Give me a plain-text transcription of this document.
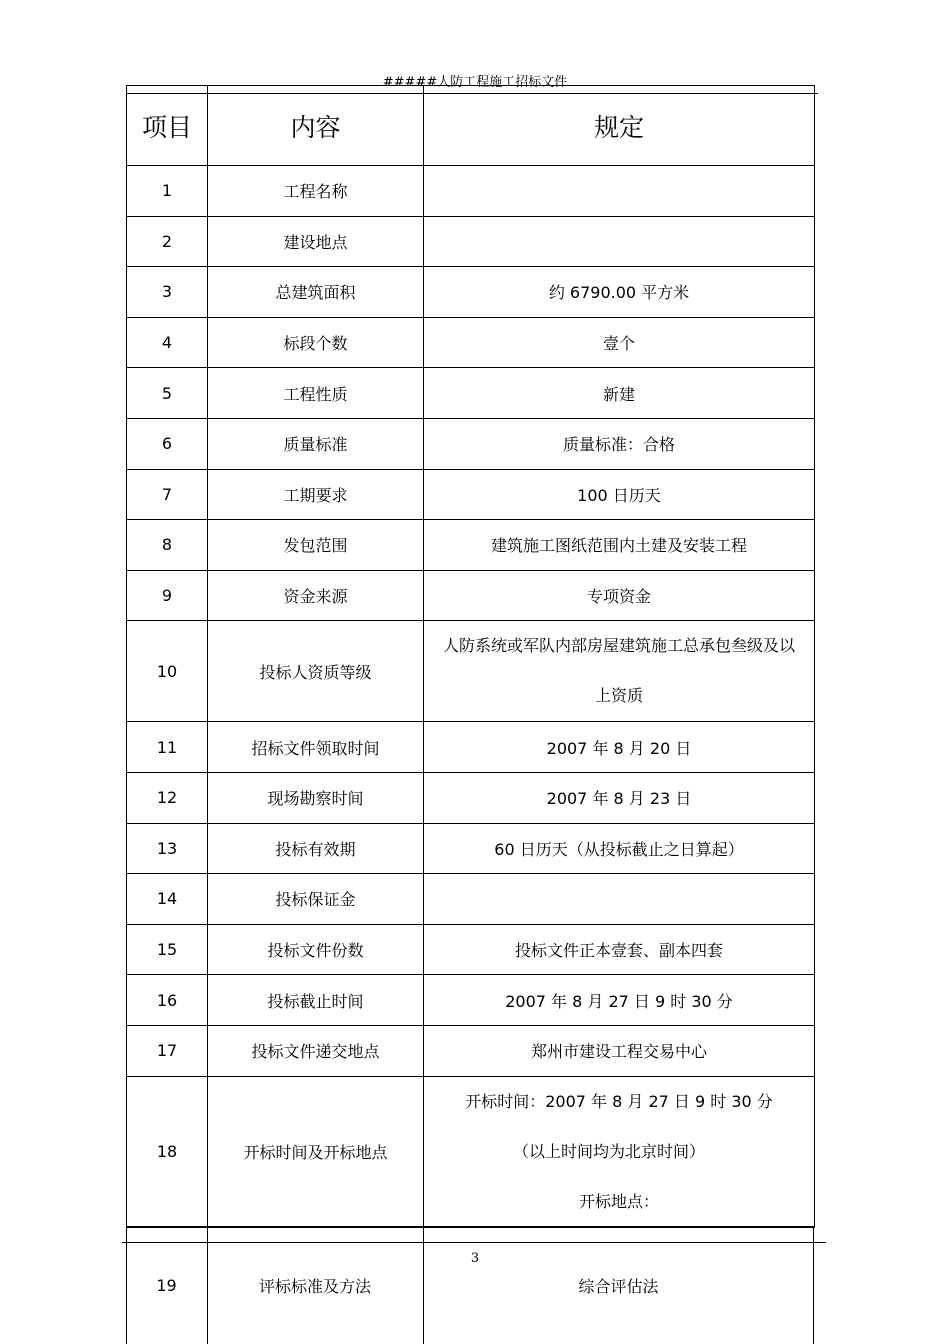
#####人防工程施工招标文件
项目	内容	规定
1	工程名称	
2	建设地点	
3	总建筑面积	约 6790.00 平方米
4	标段个数	壹个
5	工程性质	新建
6	质量标准	质量标准：合格
7	工期要求	100 日历天
8	发包范围	建筑施工图纸范围内土建及安装工程
9	资金来源	专项资金
10	投标人资质等级	人防系统或军队内部房屋建筑施工总承包叁级及以
上资质
11	招标文件领取时间	2007 年 8 月 20 日
12	现场勘察时间	2007 年 8 月 23 日
13	投标有效期	60 日历天（从投标截止之日算起）
14	投标保证金	
15	投标文件份数	投标文件正本壹套、副本四套
16	投标截止时间	2007 年 8 月 27 日 9 时 30 分
17	投标文件递交地点	郑州市建设工程交易中心
18	开标时间及开标地点	开标时间：2007 年 8 月 27 日 9 时 30 分

（以上时间均为北京时间）
开标地点：
19	评标标准及方法	综合评估法
3
